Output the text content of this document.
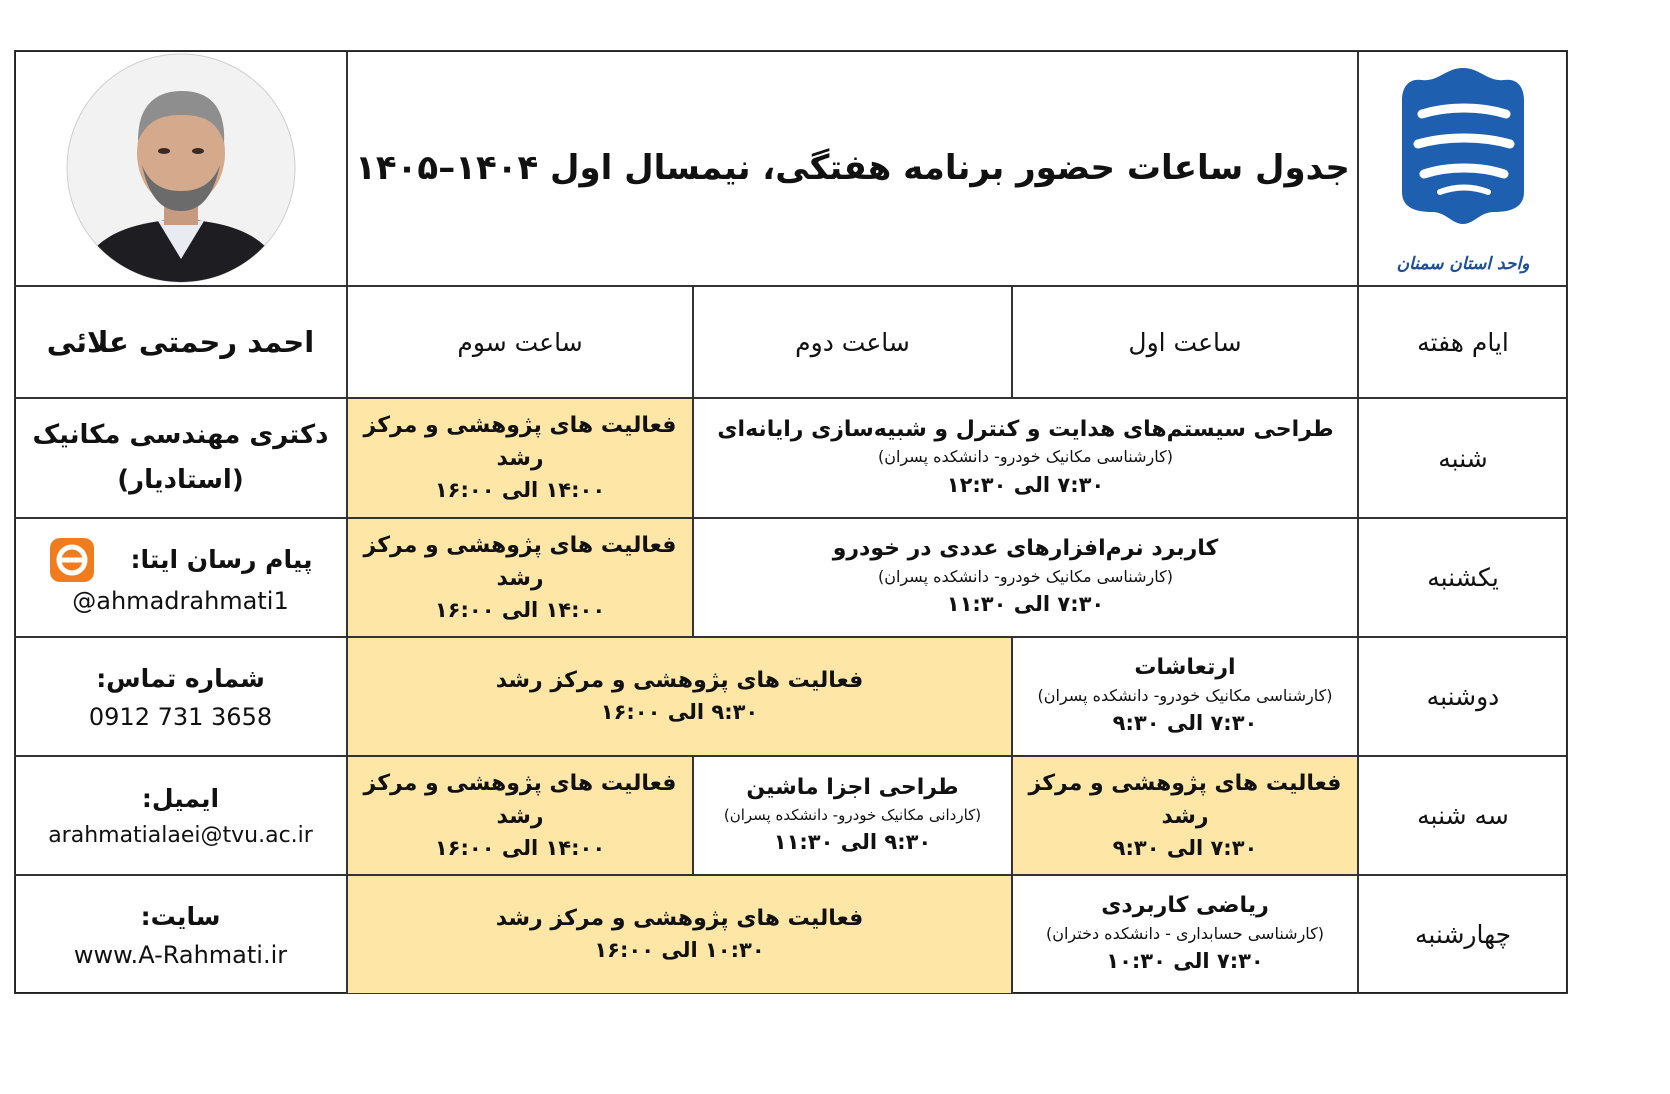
واحد استان سمنان
جدول ساعات حضور برنامه هفتگی، نیمسال اول ۱۴۰۴–۱۴۰۵
ایام هفته
ساعت اول
ساعت دوم
ساعت سوم
احمد رحمتی علائی
شنبه
طراحی سیستم‌های هدایت و کنترل و شبیه‌سازی رایانه‌ای
(کارشناسی مکانیک خودرو- دانشکده پسران)
۷:۳۰ الی ۱۲:۳۰
فعالیت های پژوهشی و مرکز رشد
۱۴:۰۰ الی ۱۶:۰۰
دکتری مهندسی مکانیک
(استادیار)
یکشنبه
کاربرد نرم‌افزارهای عددی در خودرو
(کارشناسی مکانیک خودرو- دانشکده پسران)
۷:۳۰ الی ۱۱:۳۰
فعالیت های پژوهشی و مرکز رشد
۱۴:۰۰ الی ۱۶:۰۰
پیام رسان ایتا:
@ahmadrahmati1
دوشنبه
ارتعاشات
(کارشناسی مکانیک خودرو- دانشکده پسران)
۷:۳۰ الی ۹:۳۰
فعالیت های پژوهشی و مرکز رشد
۹:۳۰ الی ۱۶:۰۰
شماره تماس:
0912 731 3658
سه شنبه
فعالیت های پژوهشی و مرکز رشد
۷:۳۰ الی ۹:۳۰
طراحی اجزا ماشین
(کاردانی مکانیک خودرو- دانشکده پسران)
۹:۳۰ الی ۱۱:۳۰
فعالیت های پژوهشی و مرکز رشد
۱۴:۰۰ الی ۱۶:۰۰
ایمیل:
arahmatialaei@tvu.ac.ir
چهارشنبه
ریاضی کاربردی
(کارشناسی حسابداری - دانشکده دختران)
۷:۳۰ الی ۱۰:۳۰
فعالیت های پژوهشی و مرکز رشد
۱۰:۳۰ الی ۱۶:۰۰
سایت:
www.A-Rahmati.ir
